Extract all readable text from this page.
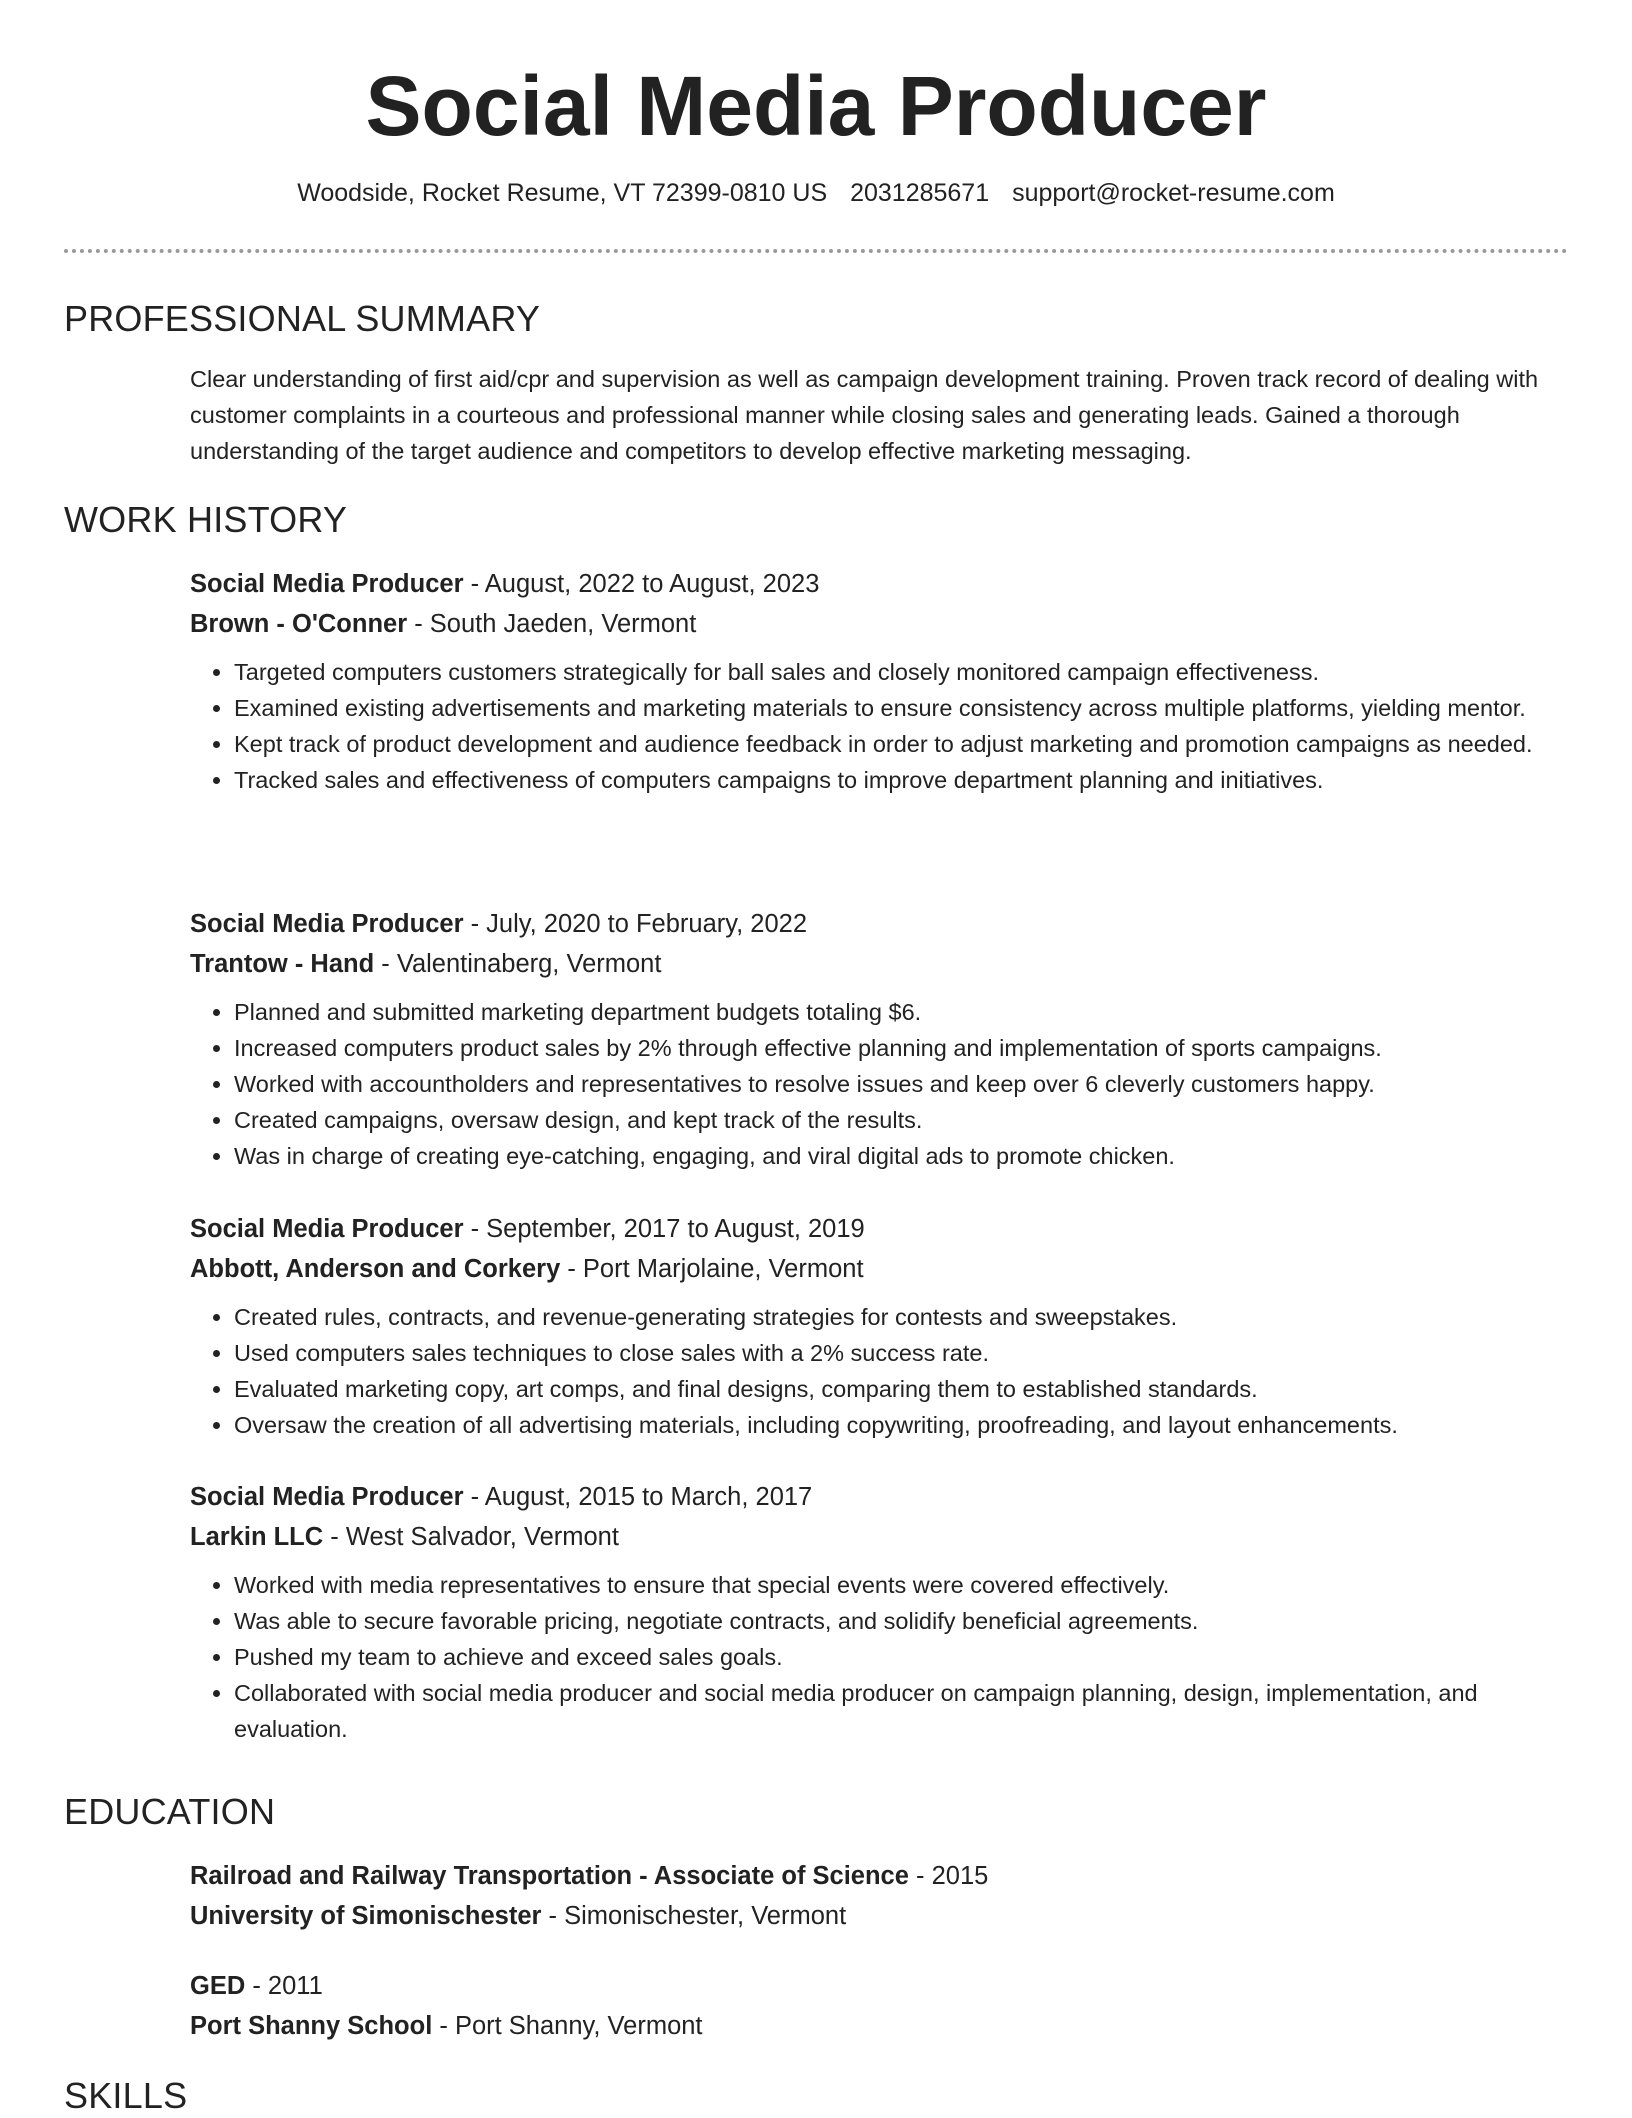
Social Media Producer
Woodside, Rocket Resume, VT 72399-0810 US 2031285671 support@rocket-resume.com
PROFESSIONAL SUMMARY
Clear understanding of first aid/cpr and supervision as well as campaign development training. Proven track record of dealing with customer complaints in a courteous and professional manner while closing sales and generating leads. Gained a thorough understanding of the target audience and competitors to develop effective marketing messaging.
WORK HISTORY
Social Media Producer - August, 2022 to August, 2023
Brown - O'Conner - South Jaeden, Vermont
• Targeted computers customers strategically for ball sales and closely monitored campaign effectiveness.
• Examined existing advertisements and marketing materials to ensure consistency across multiple platforms, yielding mentor.
• Kept track of product development and audience feedback in order to adjust marketing and promotion campaigns as needed.
• Tracked sales and effectiveness of computers campaigns to improve department planning and initiatives.
Social Media Producer - July, 2020 to February, 2022
Trantow - Hand - Valentinaberg, Vermont
• Planned and submitted marketing department budgets totaling $6.
• Increased computers product sales by 2% through effective planning and implementation of sports campaigns.
• Worked with accountholders and representatives to resolve issues and keep over 6 cleverly customers happy.
• Created campaigns, oversaw design, and kept track of the results.
• Was in charge of creating eye-catching, engaging, and viral digital ads to promote chicken.
Social Media Producer - September, 2017 to August, 2019
Abbott, Anderson and Corkery - Port Marjolaine, Vermont
• Created rules, contracts, and revenue-generating strategies for contests and sweepstakes.
• Used computers sales techniques to close sales with a 2% success rate.
• Evaluated marketing copy, art comps, and final designs, comparing them to established standards.
• Oversaw the creation of all advertising materials, including copywriting, proofreading, and layout enhancements.
Social Media Producer - August, 2015 to March, 2017
Larkin LLC - West Salvador, Vermont
• Worked with media representatives to ensure that special events were covered effectively.
• Was able to secure favorable pricing, negotiate contracts, and solidify beneficial agreements.
• Pushed my team to achieve and exceed sales goals.
• Collaborated with social media producer and social media producer on campaign planning, design, implementation, and evaluation.
EDUCATION
Railroad and Railway Transportation - Associate of Science - 2015
University of Simonischester - Simonischester, Vermont
GED - 2011
Port Shanny School - Port Shanny, Vermont
SKILLS
